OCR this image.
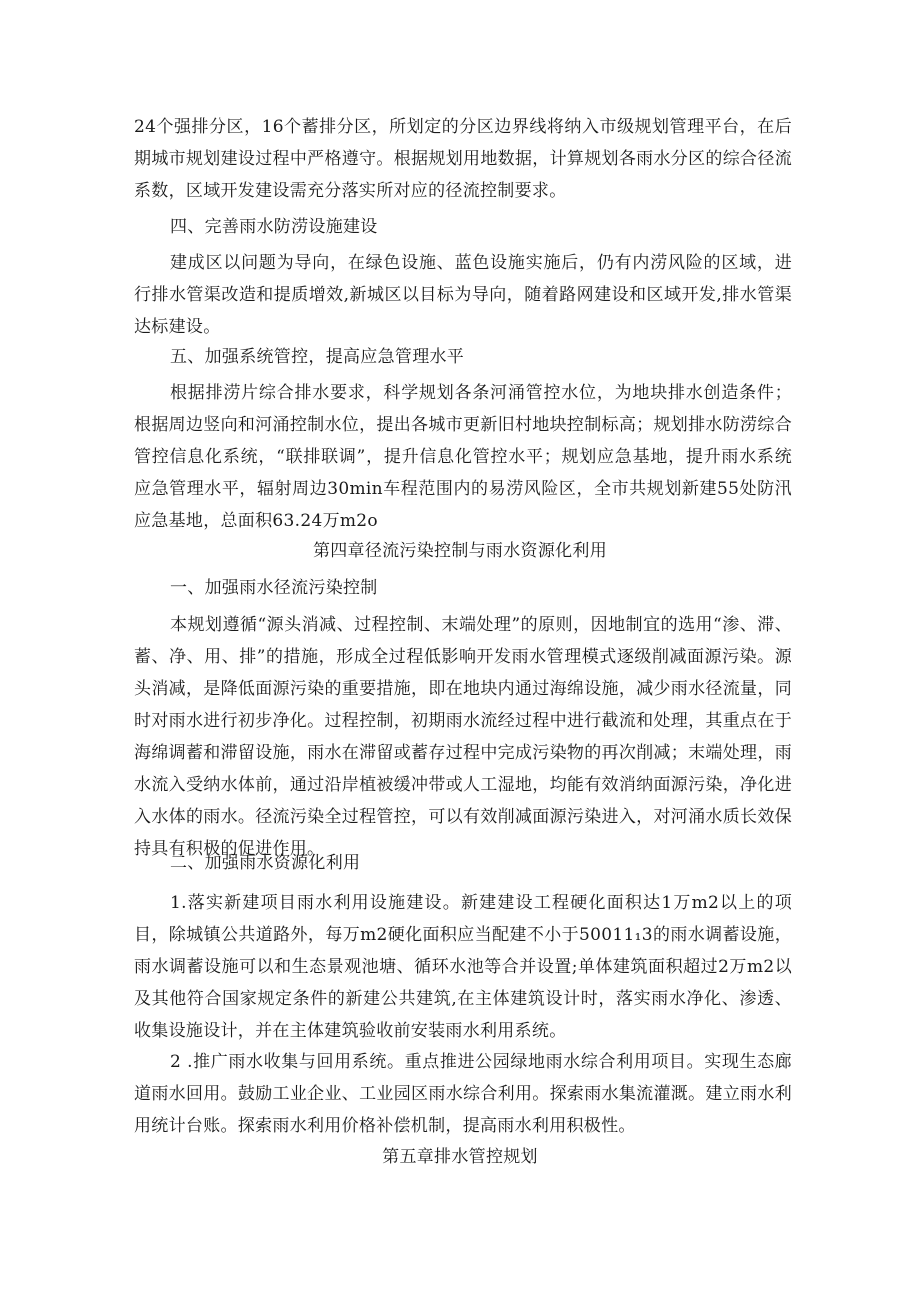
24个强排分区，16个蓄排分区，所划定的分区边界线将纳入市级规划管理平台，在后期城市规划建设过程中严格遵守。根据规划用地数据，计算规划各雨水分区的综合径流系数，区域开发建设需充分落实所对应的径流控制要求。

四、完善雨水防涝设施建设

建成区以问题为导向，在绿色设施、蓝色设施实施后，仍有内涝风险的区域，进行排水管渠改造和提质增效,新城区以目标为导向，随着路网建设和区域开发,排水管渠达标建设。

五、加强系统管控，提高应急管理水平

根据排涝片综合排水要求，科学规划各条河涌管控水位，为地块排水创造条件；根据周边竖向和河涌控制水位，提出各城市更新旧村地块控制标高；规划排水防涝综合管控信息化系统，“联排联调”，提升信息化管控水平；规划应急基地，提升雨水系统应急管理水平，辐射周边30min车程范围内的易涝风险区，全市共规划新建55处防汛应急基地，总面积63.24万m2o

第四章径流污染控制与雨水资源化利用

一、加强雨水径流污染控制

本规划遵循“源头消减、过程控制、末端处理”的原则，因地制宜的选用“渗、滞、蓄、净、用、排”的措施，形成全过程低影响开发雨水管理模式逐级削减面源污染。源头消减，是降低面源污染的重要措施，即在地块内通过海绵设施，减少雨水径流量，同时对雨水进行初步净化。过程控制，初期雨水流经过程中进行截流和处理，其重点在于海绵调蓄和滞留设施，雨水在滞留或蓄存过程中完成污染物的再次削减；末端处理，雨水流入受纳水体前，通过沿岸植被缓冲带或人工湿地，均能有效消纳面源污染，净化进入水体的雨水。径流污染全过程管控，可以有效削减面源污染进入，对河涌水质长效保持具有积极的促进作用。

二、加强雨水资源化利用

1.落实新建项目雨水利用设施建设。新建建设工程硬化面积达1万m2以上的项目，除城镇公共道路外，每万m2硬化面积应当配建不小于50011₁3的雨水调蓄设施，雨水调蓄设施可以和生态景观池塘、循环水池等合并设置;单体建筑面积超过2万m2以及其他符合国家规定条件的新建公共建筑,在主体建筑设计时，落实雨水净化、渗透、收集设施设计，并在主体建筑验收前安装雨水利用系统。

2 .推广雨水收集与回用系统。重点推进公园绿地雨水综合利用项目。实现生态廊道雨水回用。鼓励工业企业、工业园区雨水综合利用。探索雨水集流灌溉。建立雨水利用统计台账。探索雨水利用价格补偿机制，提高雨水利用积极性。

第五章排水管控规划
